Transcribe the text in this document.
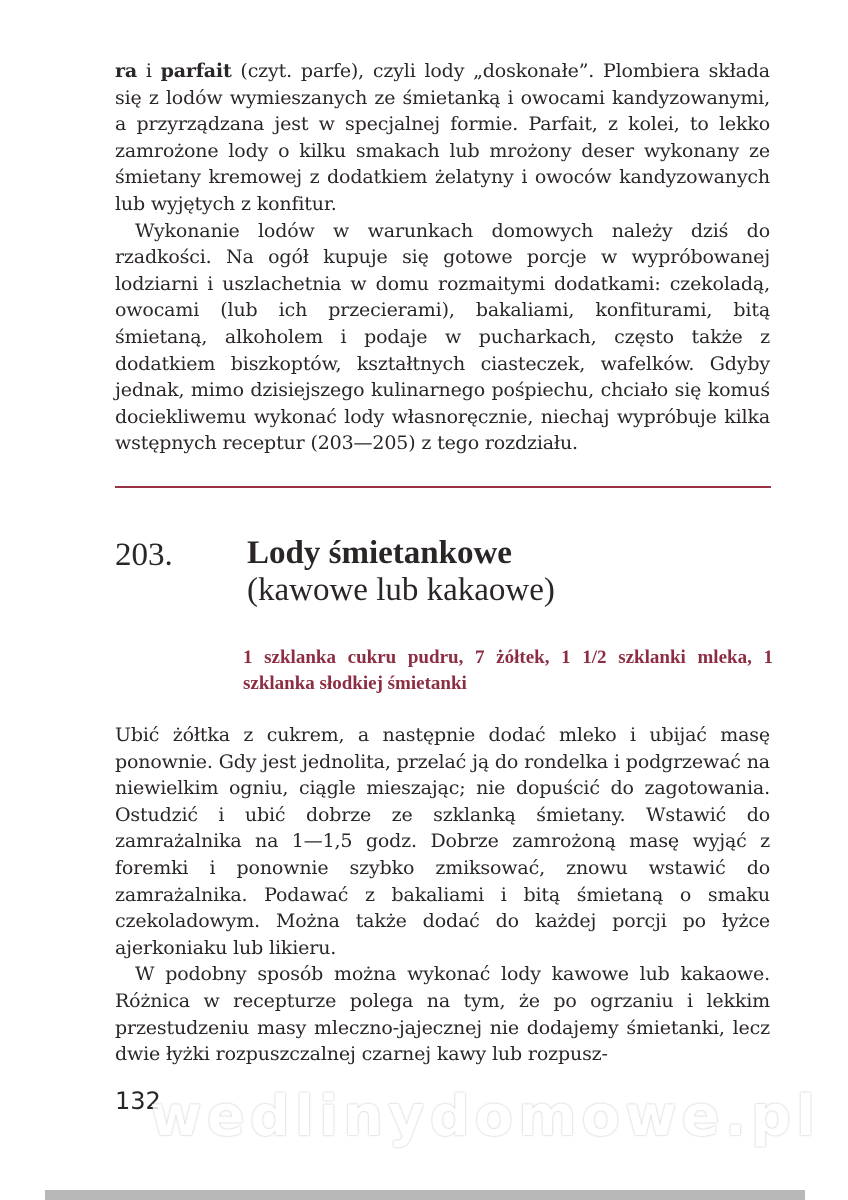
ra i parfait (czyt. parfe), czyli lody „doskonałe”. Plombiera składa się z lodów wymieszanych ze śmietanką i owocami kandyzowanymi, a przyrządzana jest w specjalnej formie. Parfait, z kolei, to lekko zamrożone lody o kilku smakach lub mrożony deser wykonany ze śmietany kremowej z dodatkiem żelatyny i owoców kandyzowanych lub wyjętych z konfitur.

Wykonanie lodów w warunkach domowych należy dziś do rzadkości. Na ogół kupuje się gotowe porcje w wypróbowanej lodziarni i uszlachetnia w domu rozmaitymi dodatkami: czekoladą, owocami (lub ich przecierami), bakaliami, konfiturami, bitą śmietaną, alkoholem i podaje w pucharkach, często także z dodatkiem biszkoptów, kształtnych ciasteczek, wafelków. Gdyby jednak, mimo dzisiejszego kulinarnego pośpiechu, chciało się komuś dociekliwemu wykonać lody własnoręcznie, niechaj wypróbuje kilka wstępnych receptur (203—205) z tego rozdziału.

203. Lody śmietankowe
(kawowe lub kakaowe)
1 szklanka cukru pudru, 7 żółtek, 1 1/2 szklanki mleka, 1 szklanka słodkiej śmietanki

Ubić żółtka z cukrem, a następnie dodać mleko i ubijać masę ponownie. Gdy jest jednolita, przelać ją do rondelka i podgrzewać na niewielkim ogniu, ciągle mieszając; nie dopuścić do zagotowania. Ostudzić i ubić dobrze ze szklanką śmietany. Wstawić do zamrażalnika na 1—1,5 godz. Dobrze zamrożoną masę wyjąć z foremki i ponownie szybko zmiksować, znowu wstawić do zamrażalnika. Podawać z bakaliami i bitą śmietaną o smaku czekoladowym. Można także dodać do każdej porcji po łyżce ajerkoniaku lub likieru.

W podobny sposób można wykonać lody kawowe lub kakaowe. Różnica w recepturze polega na tym, że po ogrzaniu i lekkim przestudzeniu masy mleczno-jajecznej nie dodajemy śmietanki, lecz dwie łyżki rozpuszczalnej czarnej kawy lub rozpusz-

132
wedlinydomowe.pl
